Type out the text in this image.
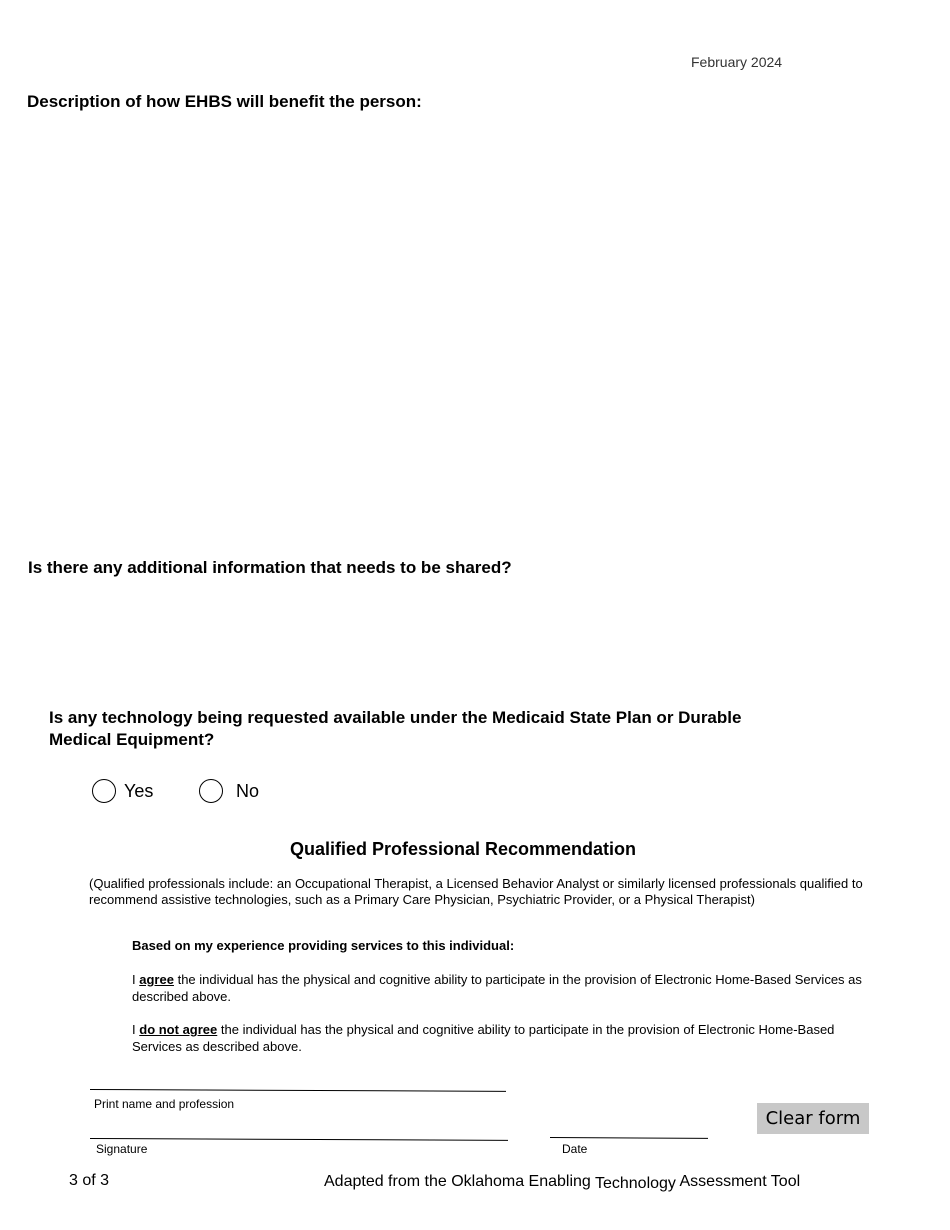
February 2024
Description of how EHBS will benefit the person:
Is there any additional information that needs to be shared?
Is any technology being requested available under the Medicaid State Plan or Durable Medical Equipment?
Yes	No
Qualified Professional Recommendation
(Qualified professionals include: an Occupational Therapist, a Licensed Behavior Analyst or similarly licensed professionals qualified to recommend assistive technologies, such as a Primary Care Physician, Psychiatric Provider, or a Physical Therapist)
Based on my experience providing services to this individual:
I agree the individual has the physical and cognitive ability to participate in the provision of Electronic Home-Based Services as described above.
I do not agree the individual has the physical and cognitive ability to participate in the provision of Electronic Home-Based Services as described above.
Print name and profession
Signature	Date
Clear form
3 of 3	Adapted from the Oklahoma Enabling Technology Assessment Tool
